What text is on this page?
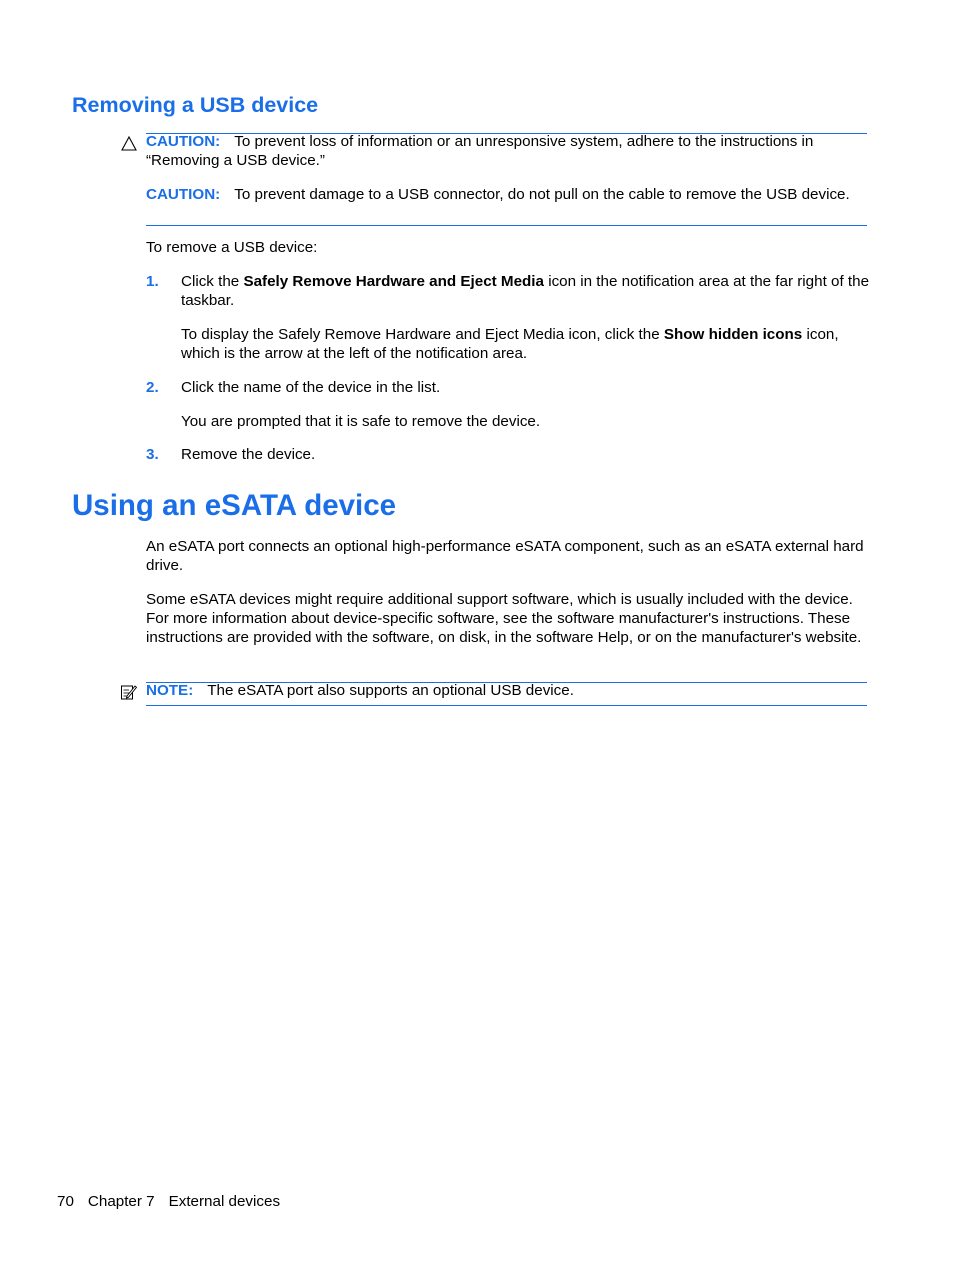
Removing a USB device

CAUTION: To prevent loss of information or an unresponsive system, adhere to the instructions in “Removing a USB device.”

CAUTION: To prevent damage to a USB connector, do not pull on the cable to remove the USB device.

To remove a USB device:

1. Click the Safely Remove Hardware and Eject Media icon in the notification area at the far right of the taskbar.

To display the Safely Remove Hardware and Eject Media icon, click the Show hidden icons icon, which is the arrow at the left of the notification area.

2. Click the name of the device in the list.

You are prompted that it is safe to remove the device.

3. Remove the device.

Using an eSATA device

An eSATA port connects an optional high-performance eSATA component, such as an eSATA external hard drive.

Some eSATA devices might require additional support software, which is usually included with the device. For more information about device-specific software, see the software manufacturer's instructions. These instructions are provided with the software, on disk, in the software Help, or on the manufacturer's website.

NOTE: The eSATA port also supports an optional USB device.

70 Chapter 7 External devices
